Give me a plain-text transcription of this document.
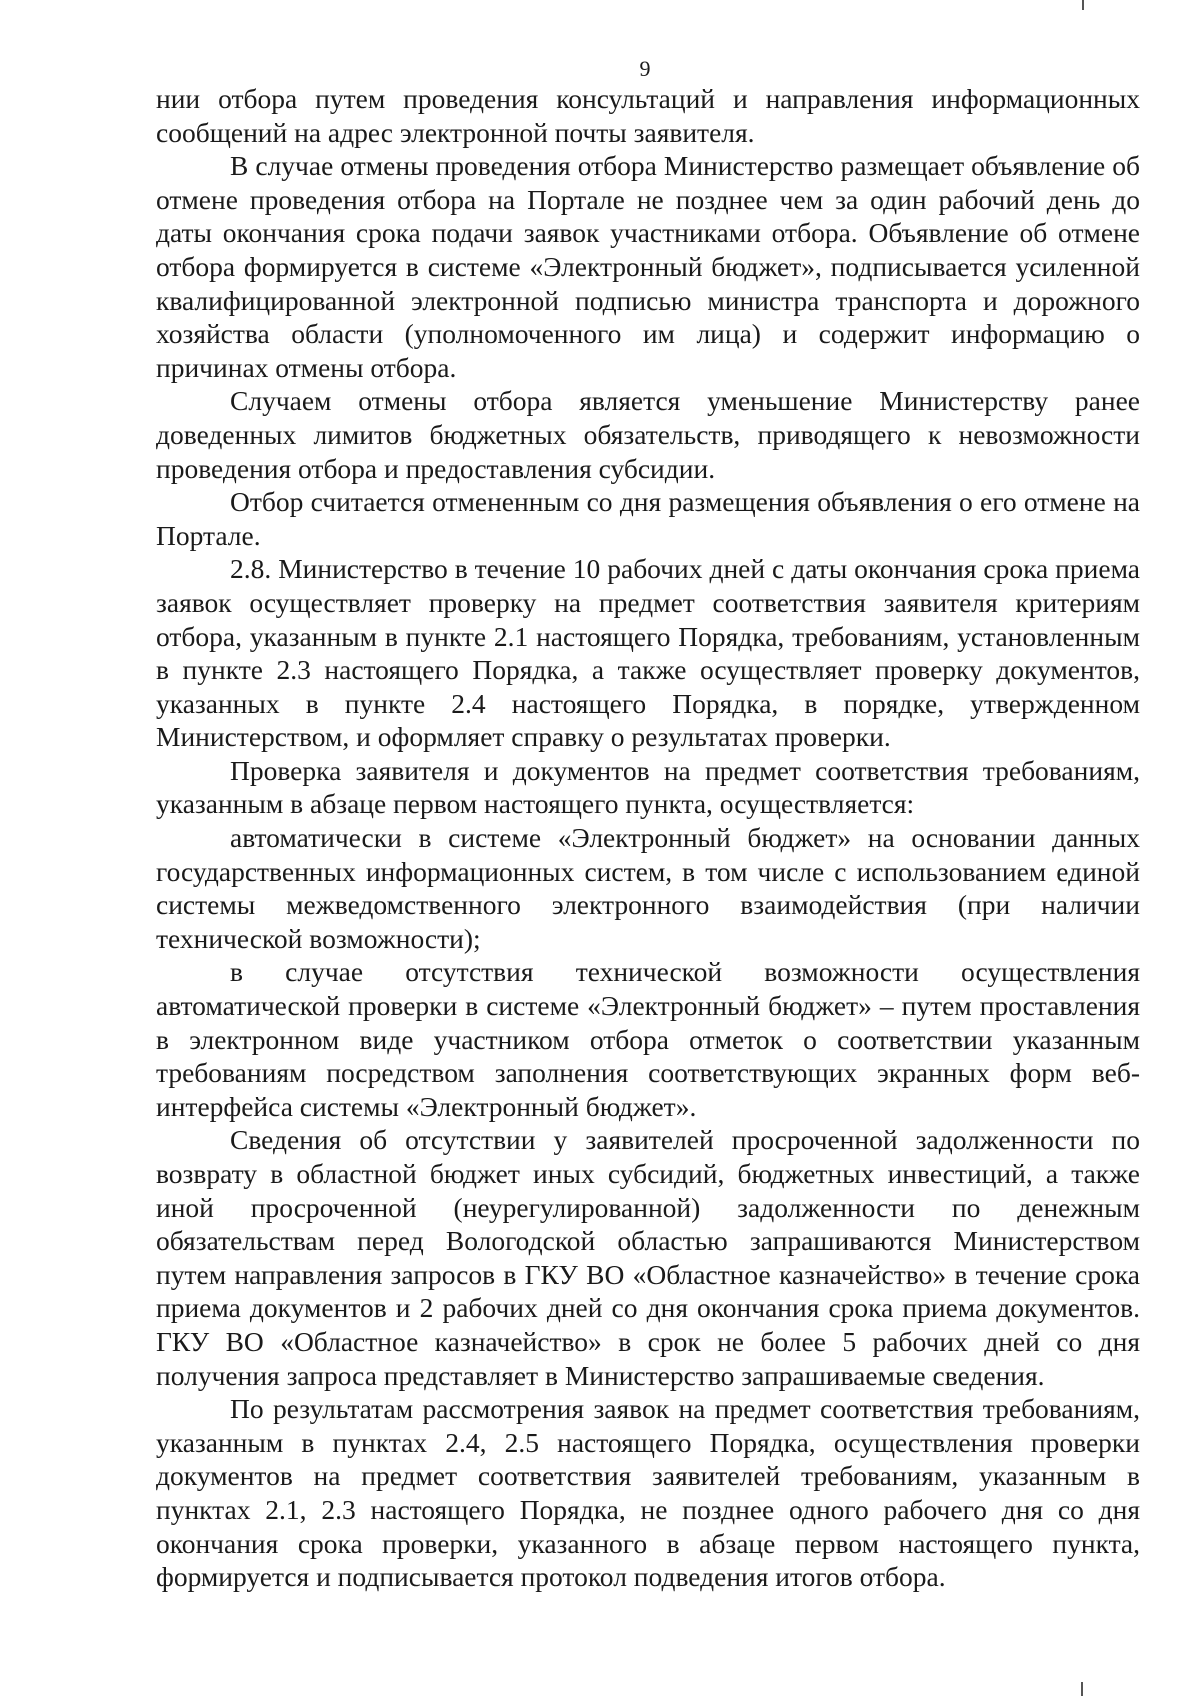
9

нии отбора путем проведения консультаций и направления информационных сообщений на адрес электронной почты заявителя.

В случае отмены проведения отбора Министерство размещает объявление об отмене проведения отбора на Портале не позднее чем за один рабочий день до даты окончания срока подачи заявок участниками отбора. Объявление об отмене отбора формируется в системе «Электронный бюджет», подписывается усиленной квалифицированной электронной подписью министра транспорта и дорожного хозяйства области (уполномоченного им лица) и содержит информацию о причинах отмены отбора.

Случаем отмены отбора является уменьшение Министерству ранее доведенных лимитов бюджетных обязательств, приводящего к невозможности проведения отбора и предоставления субсидии.

Отбор считается отмененным со дня размещения объявления о его отмене на Портале.

2.8. Министерство в течение 10 рабочих дней с даты окончания срока приема заявок осуществляет проверку на предмет соответствия заявителя критериям отбора, указанным в пункте 2.1 настоящего Порядка, требованиям, установленным в пункте 2.3 настоящего Порядка, а также осуществляет проверку документов, указанных в пункте 2.4 настоящего Порядка, в порядке, утвержденном Министерством, и оформляет справку о результатах проверки.

Проверка заявителя и документов на предмет соответствия требованиям, указанным в абзаце первом настоящего пункта, осуществляется:

автоматически в системе «Электронный бюджет» на основании данных государственных информационных систем, в том числе с использованием единой системы межведомственного электронного взаимодействия (при наличии технической возможности);

в случае отсутствия технической возможности осуществления автоматической проверки в системе «Электронный бюджет» – путем проставления в электронном виде участником отбора отметок о соответствии указанным требованиям посредством заполнения соответствующих экранных форм веб-интерфейса системы «Электронный бюджет».

Сведения об отсутствии у заявителей просроченной задолженности по возврату в областной бюджет иных субсидий, бюджетных инвестиций, а также иной просроченной (неурегулированной) задолженности по денежным обязательствам перед Вологодской областью запрашиваются Министерством путем направления запросов в ГКУ ВО «Областное казначейство» в течение срока приема документов и 2 рабочих дней со дня окончания срока приема документов. ГКУ ВО «Областное казначейство» в срок не более 5 рабочих дней со дня получения запроса представляет в Министерство запрашиваемые сведения.

По результатам рассмотрения заявок на предмет соответствия требованиям, указанным в пунктах 2.4, 2.5 настоящего Порядка, осуществления проверки документов на предмет соответствия заявителей требованиям, указанным в пунктах 2.1, 2.3 настоящего Порядка, не позднее одного рабочего дня со дня окончания срока проверки, указанного в абзаце первом настоящего пункта, формируется и подписывается протокол подведения итогов отбора.
